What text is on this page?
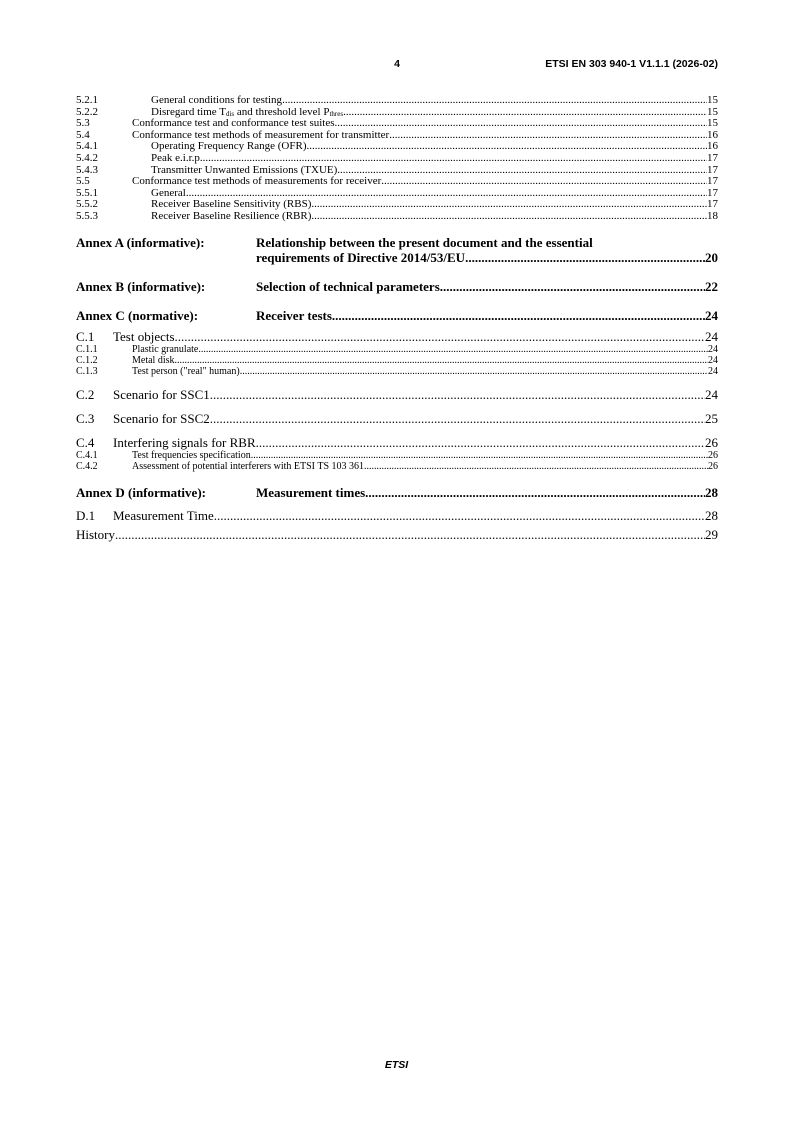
4	ETSI EN 303 940-1 V1.1.1 (2026-02)
5.2.1	General conditions for testing .....	15
5.2.2	Disregard time $T_{dis}$ and threshold level $P_{thres}$ .....	15
5.3	Conformance test and conformance test suites .....	15
5.4	Conformance test methods of measurement for transmitter .....	16
5.4.1	Operating Frequency Range (OFR) .....	16
5.4.2	Peak e.i.r.p. .....	17
5.4.3	Transmitter Unwanted Emissions (TXUE) .....	17
5.5	Conformance test methods of measurements for receiver .....	17
5.5.1	General .....	17
5.5.2	Receiver Baseline Sensitivity (RBS) .....	17
5.5.3	Receiver Baseline Resilience (RBR) .....	18
Annex A (informative):	Relationship between the present document and the essential
requirements of Directive 2014/53/EU .....	20
Annex B (informative):	Selection of technical parameters .....	22
Annex C (normative):	Receiver tests .....	24
C.1	Test objects .....	24
C.1.1	Plastic granulate .....	24
C.1.2	Metal disk .....	24
C.1.3	Test person ("real" human) .....	24
C.2	Scenario for SSC1 .....	24
C.3	Scenario for SSC2 .....	25
C.4	Interfering signals for RBR .....	26
C.4.1	Test frequencies specification .....	26
C.4.2	Assessment of potential interferers with ETSI TS 103 361 .....	26
Annex D (informative):	Measurement times .....	28
D.1	Measurement Time .....	28
History .....	29
ETSI
